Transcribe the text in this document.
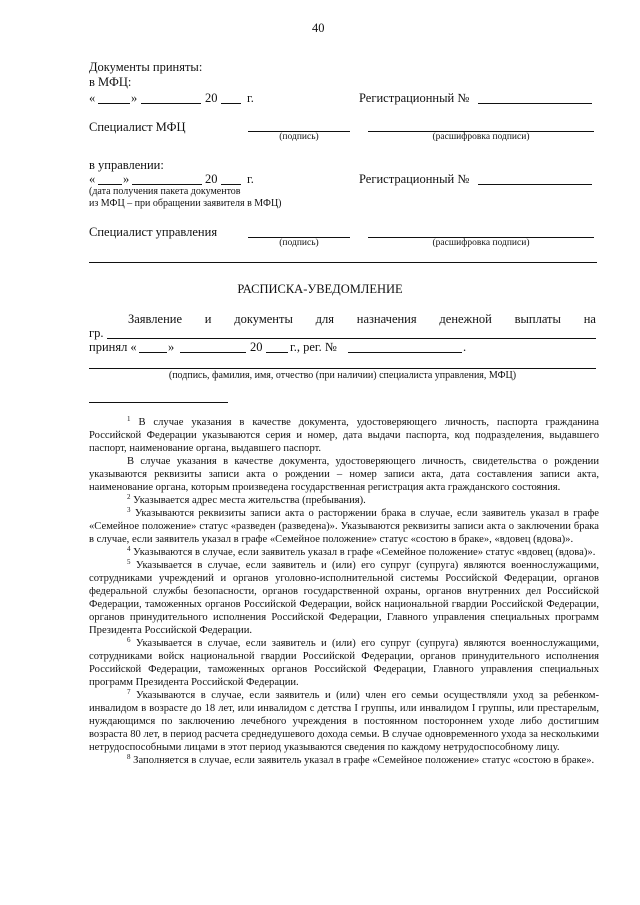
40
Документы приняты:
в МФЦ:
«	»	20 г.	Регистрационный №
Специалист МФЦ
(подпись)	(расшифровка подписи)
в управлении:
« »	20 г.
(дата получения пакета документов
из МФЦ – при обращении заявителя в МФЦ)
Регистрационный №
Специалист управления
(подпись)	(расшифровка подписи)
РАСПИСКА-УВЕДОМЛЕНИЕ
Заявление и документы для назначения денежной выплаты на
гр.
принял «	»	20 г., рег. №	.
(подпись, фамилия, имя, отчество (при наличии) специалиста управления, МФЦ)

$^1$ В случае указания в качестве документа, удостоверяющего личность, паспорта гражданина Российской Федерации указываются серия и номер, дата выдачи паспорта, код подразделения, выдавшего паспорт, наименование органа, выдавшего паспорт.

В случае указания в качестве документа, удостоверяющего личность, свидетельства о рождении указываются реквизиты записи акта о рождении – номер записи акта, дата составления записи акта, наименование органа, которым произведена государственная регистрация акта гражданского состояния.

$^2$ Указывается адрес места жительства (пребывания).

$^3$ Указываются реквизиты записи акта о расторжении брака в случае, если заявитель указал в графе «Семейное положение» статус «разведен (разведена)». Указываются реквизиты записи акта о заключении брака в случае, если заявитель указал в графе «Семейное положение» статус «состою в браке», «вдовец (вдова)».

$^4$ Указываются в случае, если заявитель указал в графе «Семейное положение» статус «вдовец (вдова)».

$^5$ Указывается в случае, если заявитель и (или) его супруг (супруга) являются военнослужащими, сотрудниками учреждений и органов уголовно-исполнительной системы Российской Федерации, органов федеральной службы безопасности, органов государственной охраны, органов внутренних дел Российской Федерации, таможенных органов Российской Федерации, войск национальной гвардии Российской Федерации, органов принудительного исполнения Российской Федерации, Главного управления специальных программ Президента Российской Федерации.

$^6$ Указывается в случае, если заявитель и (или) его супруг (супруга) являются военнослужащими, сотрудниками войск национальной гвардии Российской Федерации, органов принудительного исполнения Российской Федерации, таможенных органов Российской Федерации, Главного управления специальных программ Президента Российской Федерации.

$^7$ Указываются в случае, если заявитель и (или) член его семьи осуществляли уход за ребенком-инвалидом в возрасте до 18 лет, или инвалидом с детства I группы, или инвалидом I группы, или престарелым, нуждающимся по заключению лечебного учреждения в постоянном постороннем уходе либо достигшим возраста 80 лет, в период расчета среднедушевого дохода семьи. В случае одновременного ухода за несколькими нетрудоспособными лицами в этот период указываются сведения по каждому нетрудоспособному лицу.

$^8$ Заполняется в случае, если заявитель указал в графе «Семейное положение» статус «состою в браке».
